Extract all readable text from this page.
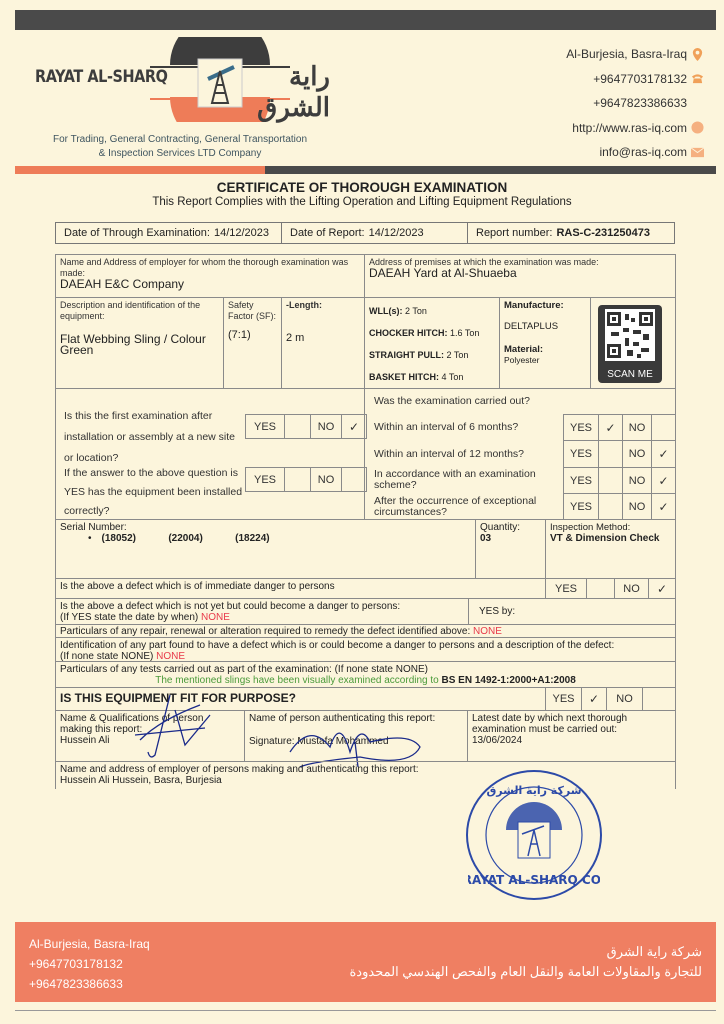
RAYAT AL-SHARQ	راية الشرق
For Trading, General Contracting, General Transportation
& Inspection Services LTD Company
Al-Burjesia, Basra-Iraq
+9647703178132
+9647823386633
http://www.ras-iq.com
info@ras-iq.com
CERTIFICATE OF THOROUGH EXAMINATION
This Report Complies with the Lifting Operation and Lifting Equipment Regulations
Date of Through Examination: 14/12/2023 Date of Report: 14/12/2023	Report number: RAS-C-231250473
Name and Address of employer for whom the thorough examination was made:
DAEAH E&C Company
Address of premises at which the examination was made:
DAEAH Yard at Al-Shuaeba
Description and identification of the equipment:
Flat Webbing Sling / Colour Green
Safety Factor (SF):
(7:1)
-Length:
2 m
WLL(s): 2 Ton
CHOCKER HITCH: 1.6 Ton
STRAIGHT PULL: 2 Ton
BASKET HITCH: 4 Ton
Manufacture:
DELTAPLUS
Material:
Polyester
SCAN ME
Is this the first examination after installation or assembly at a new site or location?
YES	NO	✓
If the answer to the above question is YES has the equipment been installed correctly?
YES	NO
Was the examination carried out?
Within an interval of 6 months?	YES	✓	NO
Within an interval of 12 months?	YES	NO	✓
In accordance with an examination scheme?	YES	NO	✓
After the occurrence of exceptional circumstances?	YES	NO	✓
Serial Number:
• (18052)	(22004)	(18224)
Quantity:
03
Inspection Method:
VT & Dimension Check
Is the above a defect which is of immediate danger to persons	YES	NO	✓
Is the above a defect which is not yet but could become a danger to persons:
(If YES state the date by when) NONE
YES by:
Particulars of any repair, renewal or alteration required to remedy the defect identified above: NONE
Identification of any part found to have a defect which is or could become a danger to persons and a description of the defect:
(If none state NONE) NONE
Particulars of any tests carried out as part of the examination: (If none state NONE)
The mentioned slings have been visually examined according to BS EN 1492-1:2000+A1:2008
IS THIS EQUIPMENT FIT FOR PURPOSE?	YES	✓	NO
Name & Qualifications of person making this report:
Hussein Ali
Name of person authenticating this report:
Signature: Mustafa Mohammed
Latest date by which next thorough examination must be carried out:
13/06/2024
Name and address of employer of persons making and authenticating this report:
Hussein Ali Hussein, Basra, Burjesia
شركة راية الشرق
RAYAT AL-SHARQ CO.
Al-Burjesia, Basra-Iraq
+9647703178132
+9647823386633
شركة راية الشرق
للتجارة والمقاولات العامة والنقل العام والفحص الهندسي المحدودة
